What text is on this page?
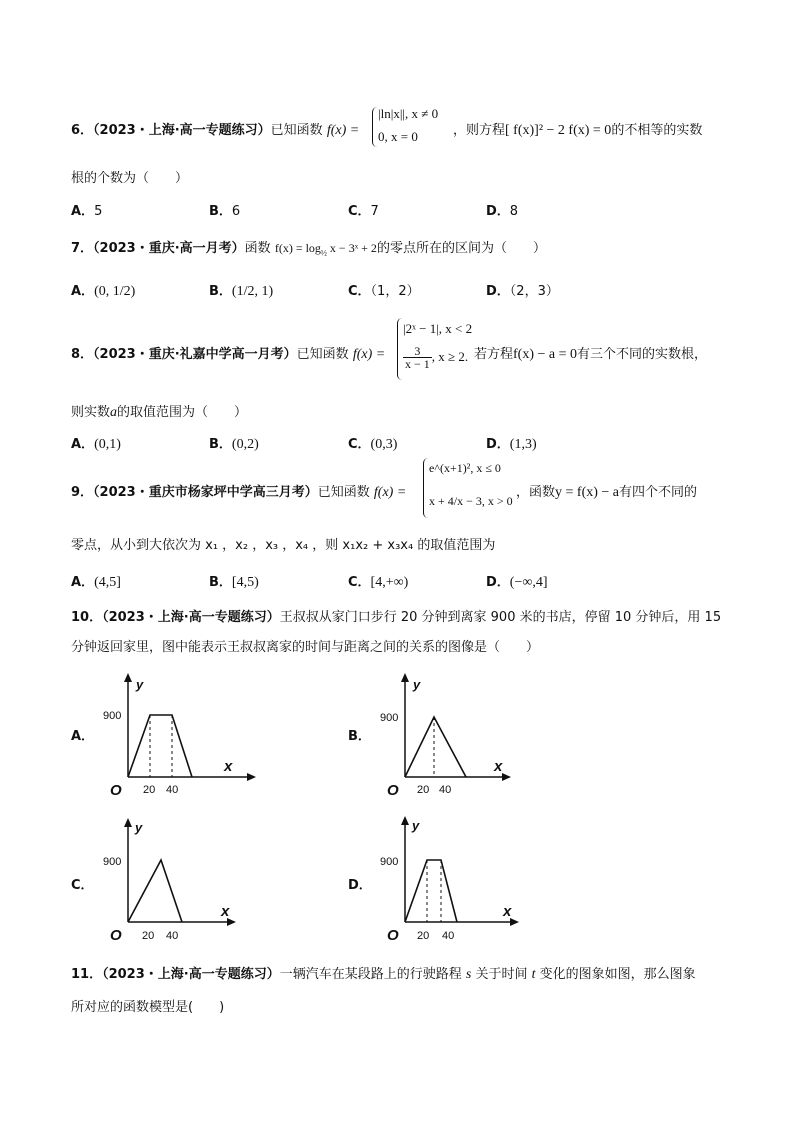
6．（2023・上海·高一专题练习）已知函数 f(x) =
|ln|x||, x ≠ 0
0, x = 0	，则方程[ f(x)]² − 2 f(x) = 0的不相等的实数
根的个数为（　　）
A．5	B．6	C．7	D．8
7．（2023・重庆·高一月考）函数 $f(x) = \log_{\frac{1}{2}} x$ − 3ˣ + 2的零点所在的区间为（　　）
A．(0, 1/2)	B．(1/2, 1)	C．（1，2）	D．（2，3）
8．（2023・重庆·礼嘉中学高一月考）已知函数 f(x) =
|2ˣ − 1|, x < 2
$\frac{3}{x - 1}$ , x ≥ 2. 若方程f(x) − a = 0有三个不同的实数根，
则实数a的取值范围为（　　）
A．(0,1)	B．(0,2)	C．(0,3)	D．(1,3)
9．（2023・重庆市杨家坪中学高三月考）已知函数 f(x) =
e^(x+1)², x ≤ 0
x + 4/x − 3, x > 0
，函数y = f(x) − a有四个不同的
零点，从小到大依次为 x₁ ，x₂ ，x₃ ，x₄ ，则 x₁x₂ + x₃x₄ 的取值范围为
A．(4,5]	B．[4,5)	C．[4,+∞)	D．(−∞,4]
10．（2023・上海·高一专题练习）王叔叔从家门口步行 20 分钟到离家 900 米的书店，停留 10 分钟后，用 15
分钟返回家里，图中能表示王叔叔离家的时间与距离之间的关系的图像是（　　）
A．
y
x
O
900
20 40
B．
y
x
O
900
20 40
C．
y
x
O
900
20 40
D．
y
x
O
900
20 40
11．（2023・上海·高一专题练习）一辆汽车在某段路上的行驶路程 s 关于时间 t 变化的图象如图，那么图象
所对应的函数模型是(　　)
